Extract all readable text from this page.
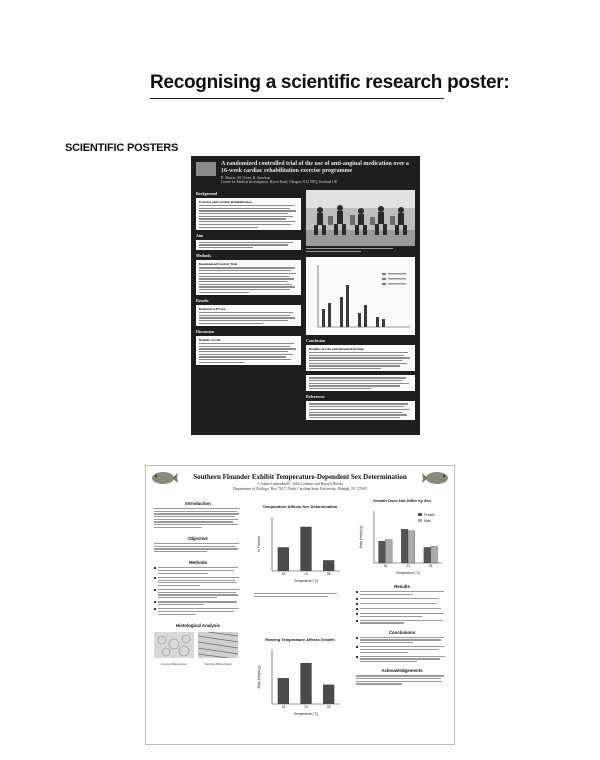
Recognising a scientific research poster:
SCIENTIFIC POSTERS
A randomized controlled trial of the use of anti-anginal medication over a 16-week cardiac rehabilitation exercise programme
R. Murray, M. Owen, R. Strachan
Centre for Medical Investigation, Byron Road, Glasgow G12 9NQ, Scotland UK
Background
Exercise and Cardiac Rehabilitation
Aim
Methods
Randomised Control Trial
Results
Reduced GTN use
Discussion
Benefits to UK	Conclusion
Benefits of Life and Financial Savings
References
Southern Flounder Exhibit Temperature-Dependent Sex Determination
J. Adam Luckenbach*, John Godwin and Russell Borski
Department of Zoology, Box 7617, North Carolina State University, Raleigh, NC 27695
Introduction
Objective
Methods
Histological Analysis
Ovarian Differentiation	Testicular Differentiation
Temperature Affects Sex Determination
18	23	28
Temperature (°C)
% Females
Rearing Temperature Affects Growth
18	23	28
Temperature (°C)
Body Weight (g)
Growth Does Not Differ by Sex
Female
Male
18	23	28
Temperature (°C)
Body Weight (g)
Results
Conclusions
Acknowledgements
